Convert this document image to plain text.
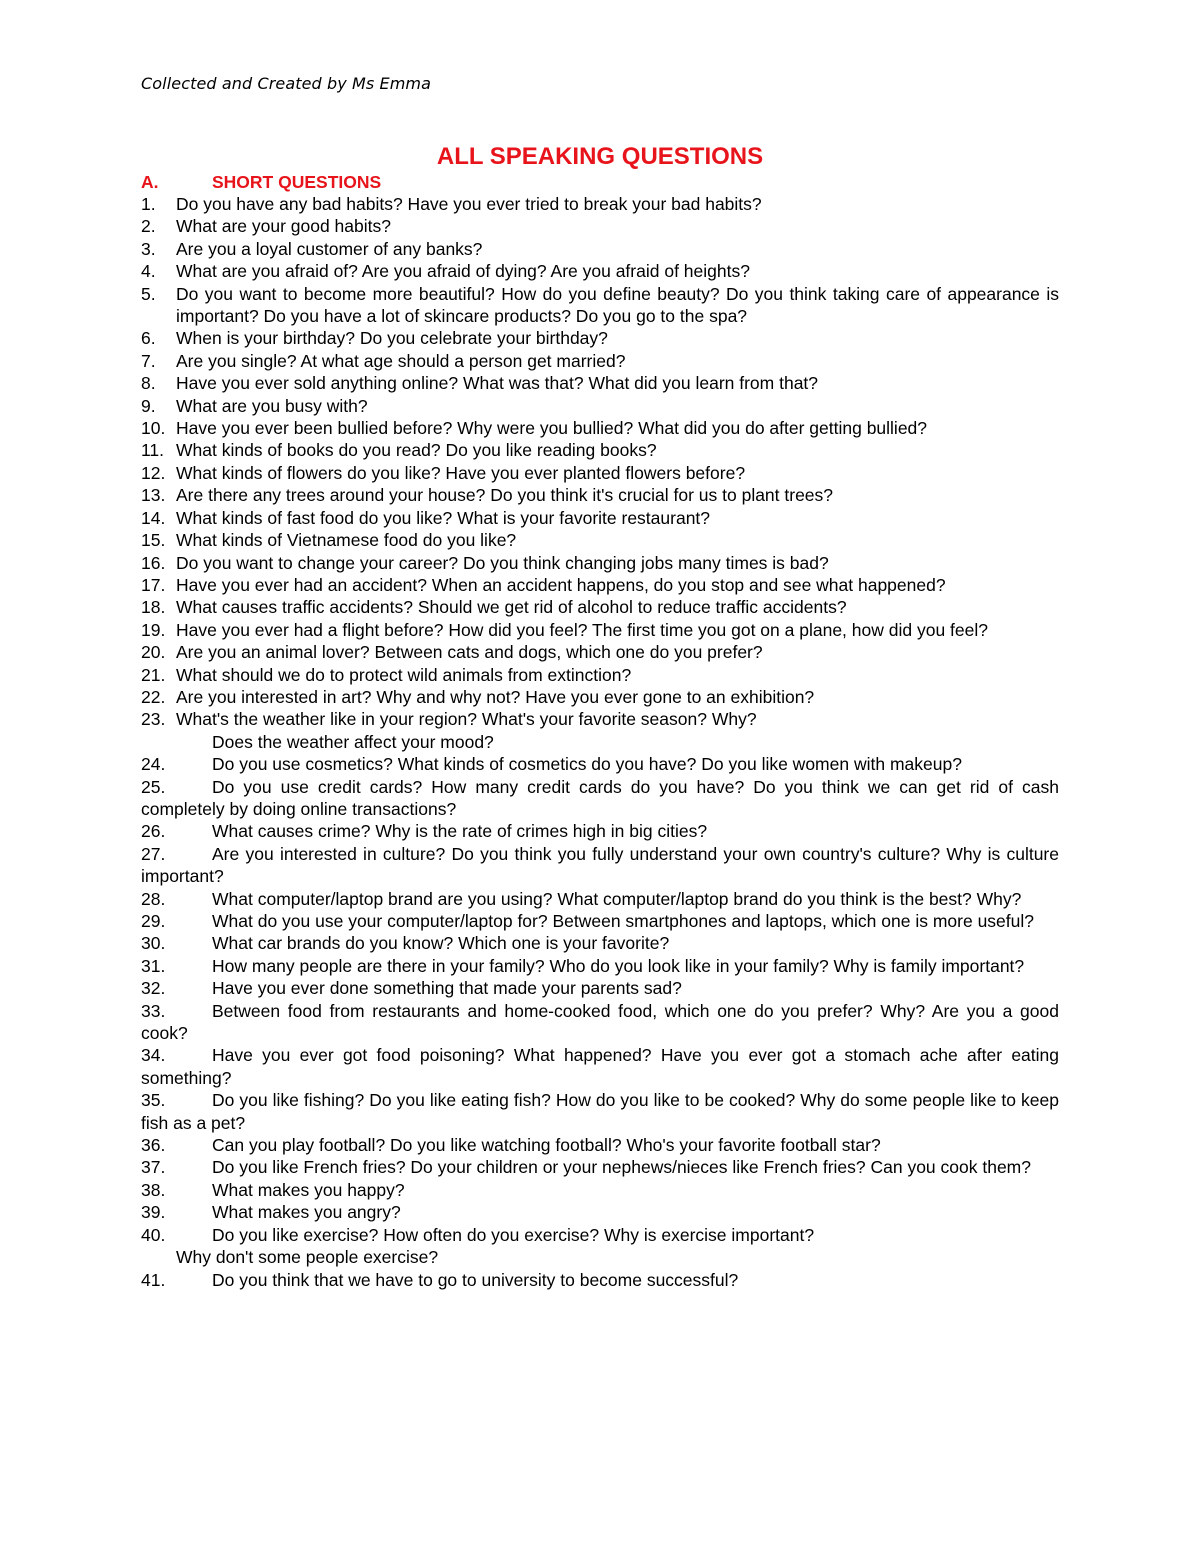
Collected and Created by Ms Emma
ALL SPEAKING QUESTIONS
A.	SHORT QUESTIONS
1. Do you have any bad habits? Have you ever tried to break your bad habits?
2. What are your good habits?
3. Are you a loyal customer of any banks?
4. What are you afraid of? Are you afraid of dying? Are you afraid of heights?
5. Do you want to become more beautiful? How do you define beauty? Do you think taking care of appearance is important? Do you have a lot of skincare products? Do you go to the spa?
6. When is your birthday? Do you celebrate your birthday?
7. Are you single? At what age should a person get married?
8. Have you ever sold anything online? What was that? What did you learn from that?
9. What are you busy with?
10. Have you ever been bullied before? Why were you bullied? What did you do after getting bullied?
11. What kinds of books do you read? Do you like reading books?
12. What kinds of flowers do you like? Have you ever planted flowers before?
13. Are there any trees around your house? Do you think it's crucial for us to plant trees?
14. What kinds of fast food do you like? What is your favorite restaurant?
15. What kinds of Vietnamese food do you like?
16. Do you want to change your career? Do you think changing jobs many times is bad?
17. Have you ever had an accident? When an accident happens, do you stop and see what happened?
18. What causes traffic accidents? Should we get rid of alcohol to reduce traffic accidents?
19. Have you ever had a flight before? How did you feel? The first time you got on a plane, how did you feel?
20. Are you an animal lover? Between cats and dogs, which one do you prefer?
21. What should we do to protect wild animals from extinction?
22. Are you interested in art? Why and why not? Have you ever gone to an exhibition?
23. What's the weather like in your region? What's your favorite season? Why?
Does the weather affect your mood?
24.	Do you use cosmetics? What kinds of cosmetics do you have? Do you like women with makeup?
25.	Do you use credit cards? How many credit cards do you have? Do you think we can get rid of cash completely by doing online transactions?
26.	What causes crime? Why is the rate of crimes high in big cities?
27.	Are you interested in culture? Do you think you fully understand your own country's culture? Why is culture important?
28.	What computer/laptop brand are you using? What computer/laptop brand do you think is the best? Why?
29.	What do you use your computer/laptop for? Between smartphones and laptops, which one is more useful?
30.	What car brands do you know? Which one is your favorite?
31.	How many people are there in your family? Who do you look like in your family? Why is family important?
32.	Have you ever done something that made your parents sad?
33.	Between food from restaurants and home-cooked food, which one do you prefer? Why? Are you a good cook?
34.	Have you ever got food poisoning? What happened? Have you ever got a stomach ache after eating something?
35.	Do you like fishing? Do you like eating fish? How do you like to be cooked? Why do some people like to keep fish as a pet?
36.	Can you play football? Do you like watching football? Who's your favorite football star?
37.	Do you like French fries? Do your children or your nephews/nieces like French fries? Can you cook them?
38.	What makes you happy?
39.	What makes you angry?
40.	Do you like exercise? How often do you exercise? Why is exercise important?
Why don't some people exercise?
41.	Do you think that we have to go to university to become successful?
